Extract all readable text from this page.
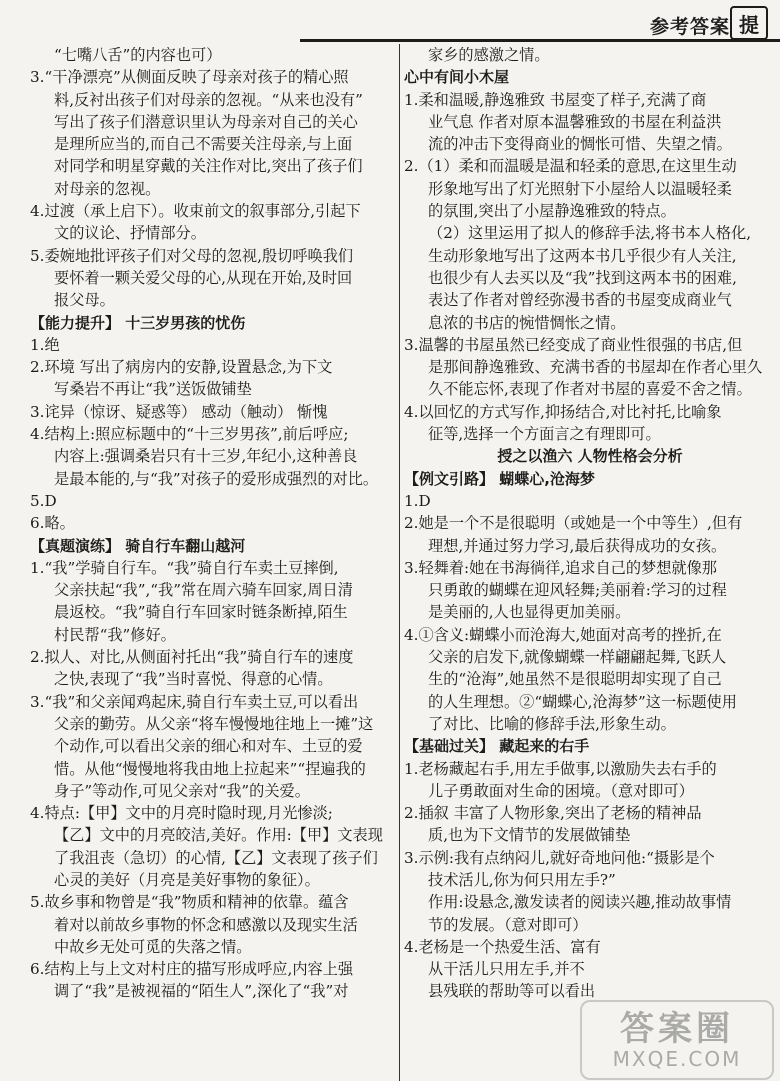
参考答案 提
“七嘴八舌”的内容也可）
3.“干净漂亮”从侧面反映了母亲对孩子的精心照
料,反衬出孩子们对母亲的忽视。“从来也没有”
写出了孩子们潜意识里认为母亲对自己的关心
是理所应当的,而自己不需要关注母亲,与上面
对同学和明星穿戴的关注作对比,突出了孩子们
对母亲的忽视。
4.过渡（承上启下）。收束前文的叙事部分,引起下
文的议论、抒情部分。
5.委婉地批评孩子们对父母的忽视,殷切呼唤我们
要怀着一颗关爱父母的心,从现在开始,及时回
报父母。
【能力提升】 十三岁男孩的忧伤
1.绝
2.环境 写出了病房内的安静,设置悬念,为下文
写桑岩不再让“我”送饭做铺垫
3.诧异（惊讶、疑惑等） 感动（触动） 惭愧
4.结构上:照应标题中的“十三岁男孩”,前后呼应;
内容上:强调桑岩只有十三岁,年纪小,这种善良
是最本能的,与“我”对孩子的爱形成强烈的对比。
5.D
6.略。
【真题演练】 骑自行车翻山越河
1.“我”学骑自行车。“我”骑自行车卖土豆摔倒,
父亲扶起“我”,“我”常在周六骑车回家,周日清
晨返校。“我”骑自行车回家时链条断掉,陌生
村民帮“我”修好。
2.拟人、对比,从侧面衬托出“我”骑自行车的速度
之快,表现了“我”当时喜悦、得意的心情。
3.“我”和父亲闻鸡起床,骑自行车卖土豆,可以看出
父亲的勤劳。从父亲“将车慢慢地往地上一摊”这
个动作,可以看出父亲的细心和对车、土豆的爱
惜。从他“慢慢地将我由地上拉起来”“捏遍我的
身子”等动作,可见父亲对“我”的关爱。
4.特点:【甲】文中的月亮时隐时现,月光惨淡;
【乙】文中的月亮皎洁,美好。作用:【甲】文表现
了我沮丧（急切）的心情,【乙】文表现了孩子们
心灵的美好（月亮是美好事物的象征）。
5.故乡事和物曾是“我”物质和精神的依靠。蕴含
着对以前故乡事物的怀念和感激以及现实生活
中故乡无处可觅的失落之情。
6.结构上与上文对村庄的描写形成呼应,内容上强
调了“我”是被视福的“陌生人”,深化了“我”对
家乡的感激之情。
心中有间小木屋
1.柔和温暖,静逸雅致 书屋变了样子,充满了商
业气息 作者对原本温馨雅致的书屋在利益洪
流的冲击下变得商业的惆怅可惜、失望之情。
2.（1）柔和而温暖是温和轻柔的意思,在这里生动
形象地写出了灯光照射下小屋给人以温暖轻柔
的氛围,突出了小屋静逸雅致的特点。
（2）这里运用了拟人的修辞手法,将书本人格化,
生动形象地写出了这两本书几乎很少有人关注,
也很少有人去买以及“我”找到这两本书的困难,
表达了作者对曾经弥漫书香的书屋变成商业气
息浓的书店的惋惜惆怅之情。
3.温馨的书屋虽然已经变成了商业性很强的书店,但
是那间静逸雅致、充满书香的书屋却在作者心里久
久不能忘怀,表现了作者对书屋的喜爱不舍之情。
4.以回忆的方式写作,抑扬结合,对比衬托,比喻象
征等,选择一个方面言之有理即可。
授之以渔六 人物性格会分析
【例文引路】 蝴蝶心,沧海梦
1.D
2.她是一个不是很聪明（或她是一个中等生）,但有
理想,并通过努力学习,最后获得成功的女孩。
3.轻舞着:她在书海徜徉,追求自己的梦想就像那
只勇敢的蝴蝶在迎风轻舞;美丽着:学习的过程
是美丽的,人也显得更加美丽。
4.①含义:蝴蝶小而沧海大,她面对高考的挫折,在
父亲的启发下,就像蝴蝶一样翩翩起舞,飞跃人
生的“沧海”,她虽然不是很聪明却实现了自己
的人生理想。②“蝴蝶心,沧海梦”这一标题使用
了对比、比喻的修辞手法,形象生动。
【基础过关】 藏起来的右手
1.老杨藏起右手,用左手做事,以激励失去右手的
儿子勇敢面对生命的困境。（意对即可）
2.插叙 丰富了人物形象,突出了老杨的精神品
质,也为下文情节的发展做铺垫
3.示例:我有点纳闷儿,就好奇地问他:“摄影是个
技术活儿,你为何只用左手?”
作用:设悬念,激发读者的阅读兴趣,推动故事情
节的发展。（意对即可）
4.老杨是一个热爱生活、富有
从干活儿只用左手,并不
县残联的帮助等可以看出
答案圈
MXQE.COM
